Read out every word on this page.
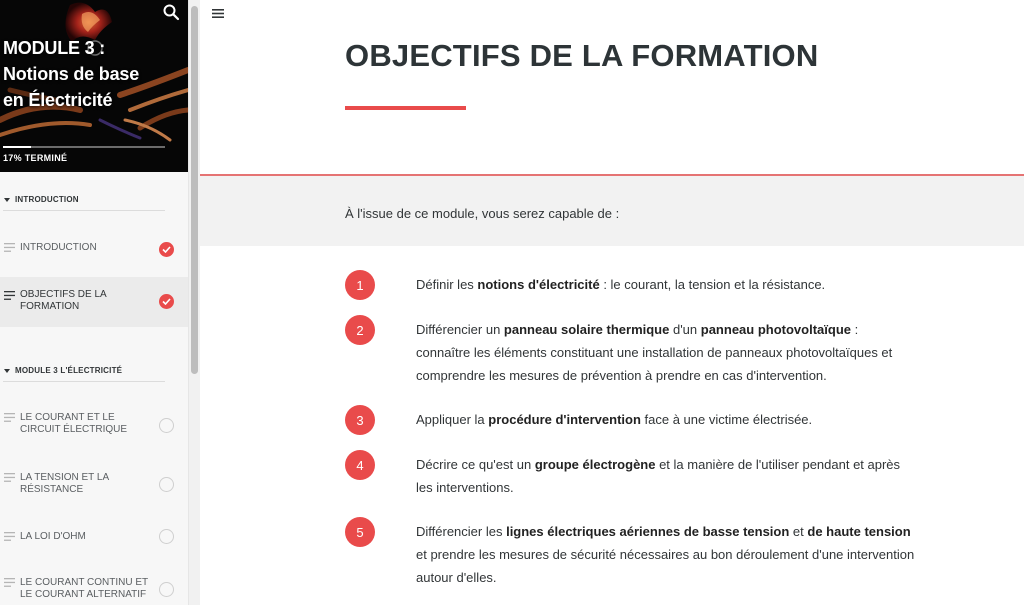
MODULE 3 :
Notions de base
en Électricité
17% TERMINÉ
INTRODUCTION
INTRODUCTION
OBJECTIFS DE LA FORMATION
MODULE 3 L'ÉLECTRICITÉ
LE COURANT ET LE CIRCUIT ÉLECTRIQUE
LA TENSION ET LA RÉSISTANCE
LA LOI D'OHM
LE COURANT CONTINU ET LE COURANT ALTERNATIF
OBJECTIFS DE LA FORMATION

À l'issue de ce module, vous serez capable de :

1	Définir les notions d'électricité : le courant, la tension et la résistance.

2	Différencier un panneau solaire thermique d'un panneau photovoltaïque : connaître les éléments constituant une installation de panneaux photovoltaïques et comprendre les mesures de prévention à prendre en cas d'intervention.

3	Appliquer la procédure d'intervention face à une victime électrisée.

4	Décrire ce qu'est un groupe électrogène et la manière de l'utiliser pendant et après les interventions.

5	Différencier les lignes électriques aériennes de basse tension et de haute tension et prendre les mesures de sécurité nécessaires au bon déroulement d'une intervention autour d'elles.
